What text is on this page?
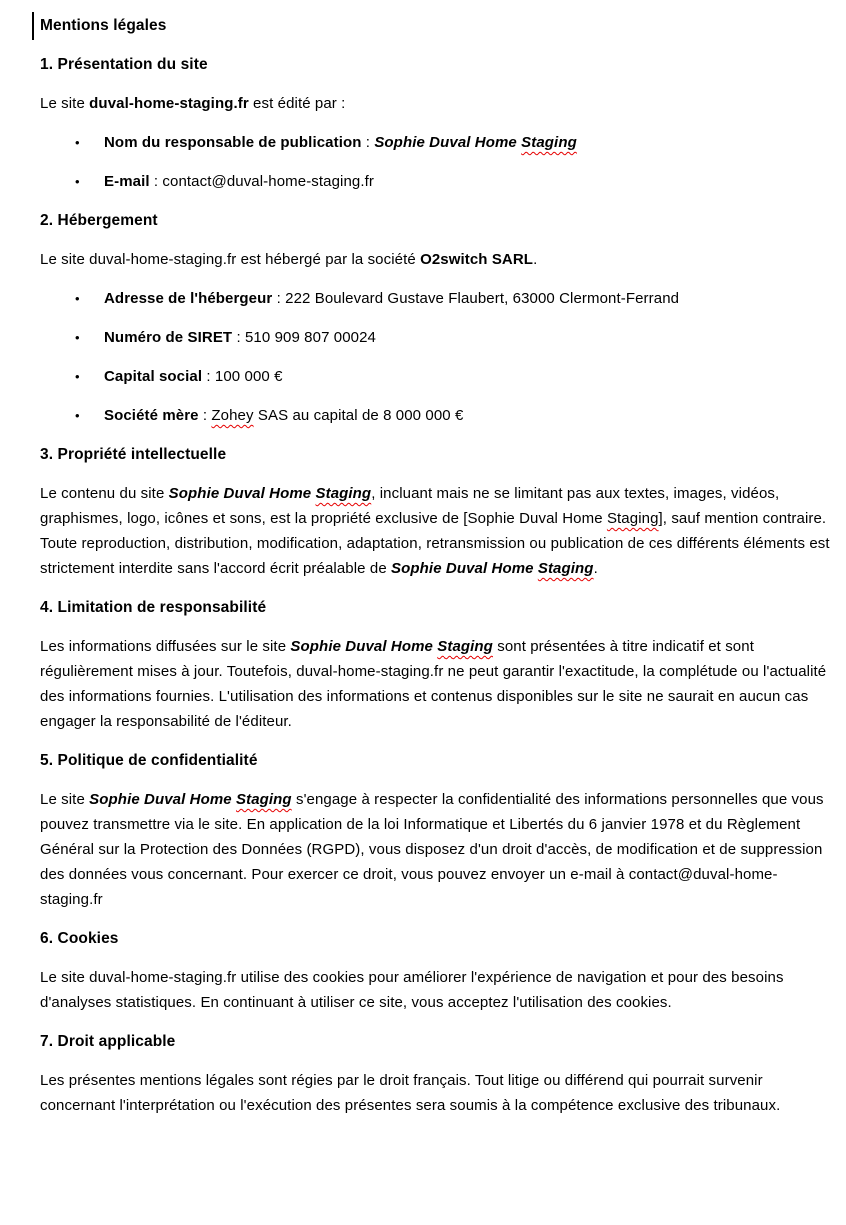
Mentions légales
1. Présentation du site
Le site duval-home-staging.fr est édité par :
•	Nom du responsable de publication : Sophie Duval Home Staging
•	E-mail : contact@duval-home-staging.fr
2. Hébergement
Le site duval-home-staging.fr est hébergé par la société O2switch SARL.
•	Adresse de l'hébergeur : 222 Boulevard Gustave Flaubert, 63000 Clermont-Ferrand
•	Numéro de SIRET : 510 909 807 00024
•	Capital social : 100 000 €
•	Société mère : Zohey SAS au capital de 8 000 000 €
3. Propriété intellectuelle
Le contenu du site Sophie Duval Home Staging, incluant mais ne se limitant pas aux textes, images, vidéos, graphismes, logo, icônes et sons, est la propriété exclusive de [Sophie Duval Home Staging], sauf mention contraire. Toute reproduction, distribution, modification, adaptation, retransmission ou publication de ces différents éléments est strictement interdite sans l'accord écrit préalable de Sophie Duval Home Staging.
4. Limitation de responsabilité
Les informations diffusées sur le site Sophie Duval Home Staging sont présentées à titre indicatif et sont régulièrement mises à jour. Toutefois, duval-home-staging.fr ne peut garantir l'exactitude, la complétude ou l'actualité des informations fournies. L'utilisation des informations et contenus disponibles sur le site ne saurait en aucun cas engager la responsabilité de l'éditeur.
5. Politique de confidentialité
Le site Sophie Duval Home Staging s'engage à respecter la confidentialité des informations personnelles que vous pouvez transmettre via le site. En application de la loi Informatique et Libertés du 6 janvier 1978 et du Règlement Général sur la Protection des Données (RGPD), vous disposez d'un droit d'accès, de modification et de suppression des données vous concernant. Pour exercer ce droit, vous pouvez envoyer un e-mail à contact@duval-home-staging.fr
6. Cookies
Le site duval-home-staging.fr utilise des cookies pour améliorer l'expérience de navigation et pour des besoins d'analyses statistiques. En continuant à utiliser ce site, vous acceptez l'utilisation des cookies.
7. Droit applicable
Les présentes mentions légales sont régies par le droit français. Tout litige ou différend qui pourrait survenir concernant l'interprétation ou l'exécution des présentes sera soumis à la compétence exclusive des tribunaux.
